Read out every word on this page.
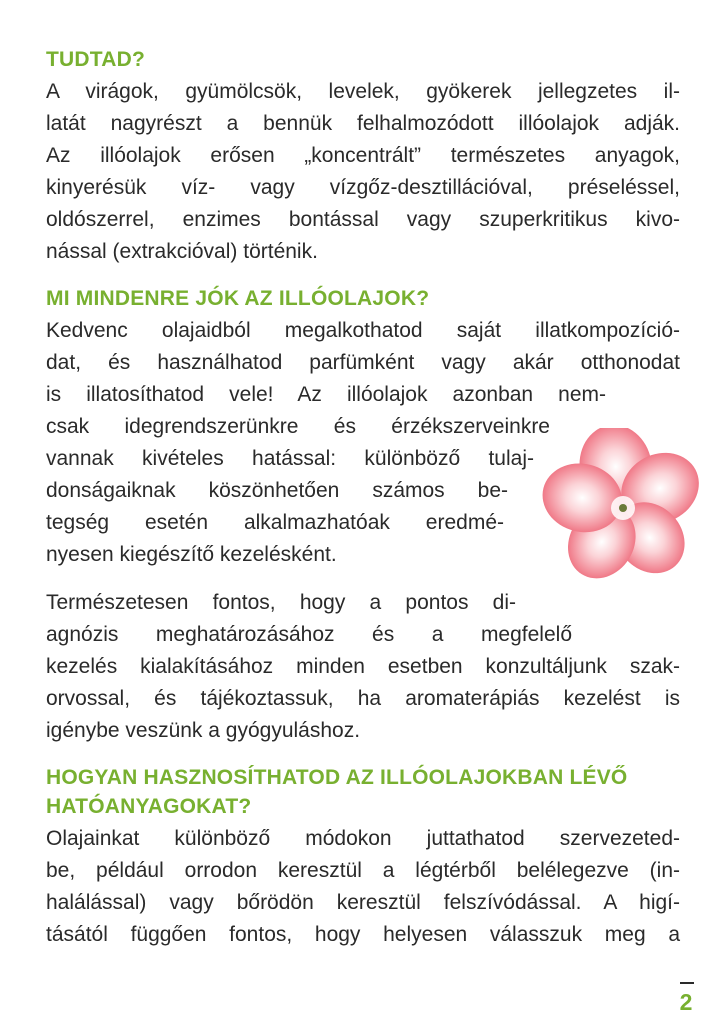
TUDTAD?

A virágok, gyümölcsök, levelek, gyökerek jellegzetes il-

latát nagyrészt a bennük felhalmozódott illóolajok adják.

Az illóolajok erősen „koncentrált” természetes anyagok,

kinyerésük víz- vagy vízgőz-desztillációval, préseléssel,

oldószerrel, enzimes bontással vagy szuperkritikus kivo-

nással (extrakcióval) történik.

MI MINDENRE JÓK AZ ILLÓOLAJOK?

Kedvenc olajaidból megalkothatod saját illatkompozíció-

dat, és használhatod parfümként vagy akár otthonodat

is illatosíthatod vele! Az illóolajok azonban nem-

csak idegrendszerünkre és érzékszerveinkre

vannak kivételes hatással: különböző tulaj-

donságaiknak köszönhetően számos be-

tegség esetén alkalmazhatóak eredmé-

nyesen kiegészítő kezelésként.

Természetesen fontos, hogy a pontos di-

agnózis meghatározásához és a megfelelő

kezelés kialakításához minden esetben konzultáljunk szak-

orvossal, és tájékoztassuk, ha aromaterápiás kezelést is

igénybe veszünk a gyógyuláshoz.

HOGYAN HASZNOSÍTHATOD AZ ILLÓOLAJOKBAN LÉVŐ
HATÓANYAGOKAT?

Olajainkat különböző módokon juttathatod szervezeted-

be, például orrodon keresztül a légtérből belélegezve (in-

halálással) vagy bőrödön keresztül felszívódással. A higí-

tásától függően fontos, hogy helyesen válasszuk meg a

2
